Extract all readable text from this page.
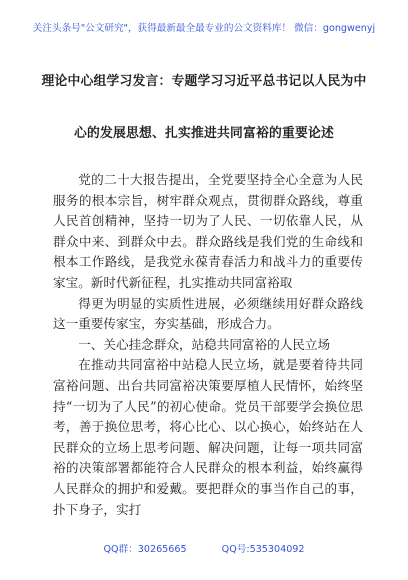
关注头条号"公文研究"，获得最新最全最专业的公文资料库！ 微信：gongwenyj
理论中心组学习发言：专题学习习近平总书记以人民为中
心的发展思想、扎实推进共同富裕的重要论述

党的二十大报告提出，全党要坚持全心全意为人民服务的根本宗旨，树牢群众观点，贯彻群众路线，尊重人民首创精神，坚持一切为了人民、一切依靠人民，从群众中来、到群众中去。群众路线是我们党的生命线和根本工作路线，是我党永葆青春活力和战斗力的重要传家宝。新时代新征程，扎实推动共同富裕取

得更为明显的实质性进展，必须继续用好群众路线这一重要传家宝，夯实基础，形成合力。

一、关心挂念群众，站稳共同富裕的人民立场

在推动共同富裕中站稳人民立场，就是要着待共同富裕问题、出台共同富裕决策要厚植人民情怀，始终坚持“一切为了人民”的初心使命。党员干部要学会换位思考，善于换位思考，将心比心、以心换心，始终站在人民群众的立场上思考问题、解决问题，让每一项共同富裕的决策部署都能符合人民群众的根本利益，始终赢得人民群众的拥护和爱戴。要把群众的事当作自己的事，扑下身子，实打

QQ群：30265665	QQ号:535304092
